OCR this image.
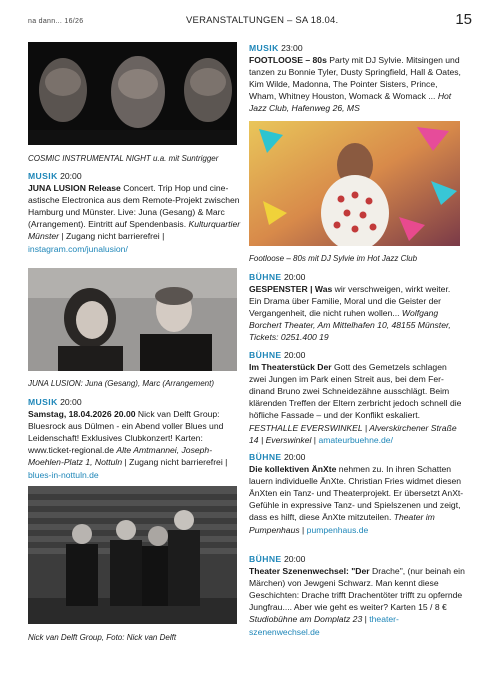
na dann... 16/26	VERANSTALTUNGEN – SA 18.04.	15

COSMIC INSTRUMENTAL NIGHT u.a. mit Suntrigger

MUSIK 20:00
JUNA LUSION Release Concert. Trip Hop und cineastische Electronica aus dem Remote-Projekt zwischen Hamburg und Münster. Live: Juna (Gesang) & Marc (Arrangement). Eintritt auf Spendenbasis. Kulturquartier Münster | Zugang nicht barrierefrei | instagram.com/junalusion/

JUNA LUSION: Juna (Gesang), Marc (Arrangement)

MUSIK 20:00
Samstag, 18.04.2026 20.00 Nick van Delft Group: Bluesrock aus Dülmen - ein Abend voller Blues und Leidenschaft! Exklusives Clubkonzert! Karten: www.ticket-regional.de Alte Amtmannei, Joseph-Moehlen-Platz 1, Nottuln | Zugang nicht barrierefrei | blues-in-nottuln.de

Nick van Delft Group, Foto: Nick van Delft

MUSIK 23:00
FOOTLOOSE – 80s Party mit DJ Sylvie. Mitsingen und tanzen zu Bonnie Tyler, Dusty Springfield, Hall & Oates, Kim Wilde, Madonna, The Pointer Sisters, Prince, Wham, Whitney Houston, Womack & Womack ... Hot Jazz Club, Hafenweg 26, MS

Footloose – 80s mit DJ Sylvie im Hot Jazz Club

BÜHNE 20:00
GESPENSTER | Was wir verschweigen, wirkt weiter. Ein Drama über Familie, Moral und die Geister der Vergangenheit, die nicht ruhen wollen... Wolfgang Borchert Theater, Am Mittelhafen 10, 48155 Münster, Tickets: 0251.400 19

BÜHNE 20:00
Im Theaterstück Der Gott des Gemetzels schlagen zwei Jungen im Park einen Streit aus, bei dem Ferdinand Bruno zwei Schneidezähne ausschlägt. Beim klärenden Treffen der Eltern zerbricht jedoch schnell die höfliche Fassade – und der Konflikt eskaliert. FESTHALLE EVERSWINKEL | Alverskirchener Straße 14 | Everswinkel | amateurbuehne.de/

BÜHNE 20:00
Die kollektiven ÄnXte nehmen zu. In ihren Schatten lauern individuelle ÄnXte. Christian Fries widmet diesen ÄnXten ein Tanz- und Theaterprojekt. Er übersetzt AnXt-Gefühle in expressive Tanz- und Spielszenen und zeigt, dass es hilft, diese ÄnXte mitzuteilen. Theater im Pumpenhaus | pumpenhaus.de

BÜHNE 20:00
Theater Szenenwechsel: "Der Drache", (nur beinah ein Märchen) von Jewgeni Schwarz. Man kennt diese Geschichten: Drache trifft Drachentöter trifft zu opfernde Jungfrau.... Aber wie geht es weiter? Karten 15 / 8 € Studiobühne am Domplatz 23 | theater-szenenwechsel.de
